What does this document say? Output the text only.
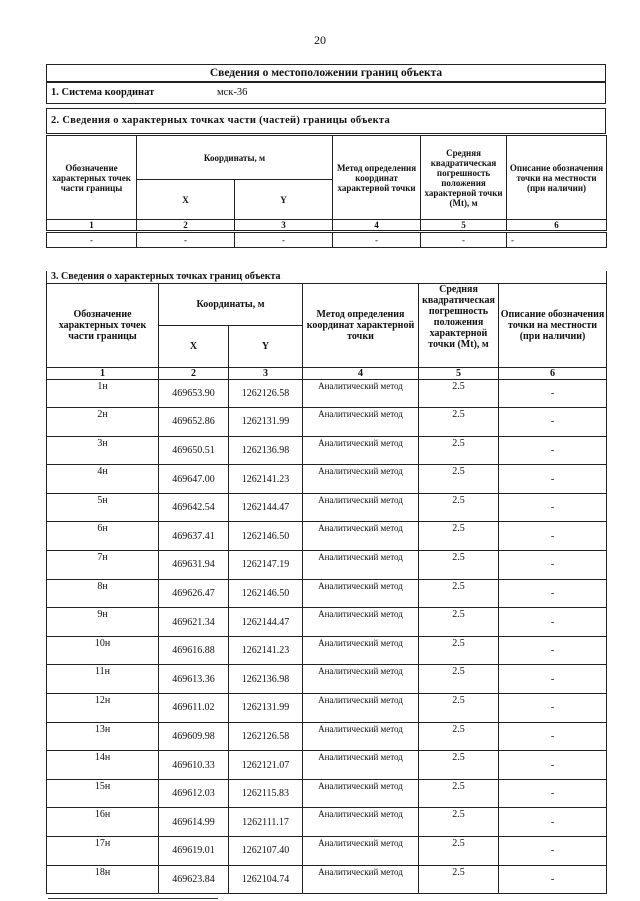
20
Сведения о местоположении границ объекта
1. Система координат	мск-36
2. Сведения о характерных точках части (частей) границы объекта
Обозначение характерных точек части границы	Координаты, м		Метод определения координат характерной точки	Средняя квадратическая погрешность положения характерной точки (Mt), м	Описание обозначения точки на местности (при наличии)
	X	Y			
1	2	3	4	5	6
-	-	-	-	-	-
3. Сведения о характерных точках границ объекта					
Обозначение характерных точек части границы	Координаты, м		Метод определения координат характерной точки	Средняя квадратическая погрешность положения характерной точки (Mt), м	Описание обозначения точки на местности (при наличии)
	X	Y			
1	2	3	4	5	6
1н	469653.90	1262126.58	Аналитический метод	2.5	-
2н	469652.86	1262131.99	Аналитический метод	2.5	-
3н	469650.51	1262136.98	Аналитический метод	2.5	-
4н	469647.00	1262141.23	Аналитический метод	2.5	-
5н	469642.54	1262144.47	Аналитический метод	2.5	-
6н	469637.41	1262146.50	Аналитический метод	2.5	-
7н	469631.94	1262147.19	Аналитический метод	2.5	-
8н	469626.47	1262146.50	Аналитический метод	2.5	-
9н	469621.34	1262144.47	Аналитический метод	2.5	-
10н	469616.88	1262141.23	Аналитический метод	2.5	-
11н	469613.36	1262136.98	Аналитический метод	2.5	-
12н	469611.02	1262131.99	Аналитический метод	2.5	-
13н	469609.98	1262126.58	Аналитический метод	2.5	-
14н	469610.33	1262121.07	Аналитический метод	2.5	-
15н	469612.03	1262115.83	Аналитический метод	2.5	-
16н	469614.99	1262111.17	Аналитический метод	2.5	-
17н	469619.01	1262107.40	Аналитический метод	2.5	-
18н	469623.84	1262104.74	Аналитический метод	2.5	-
